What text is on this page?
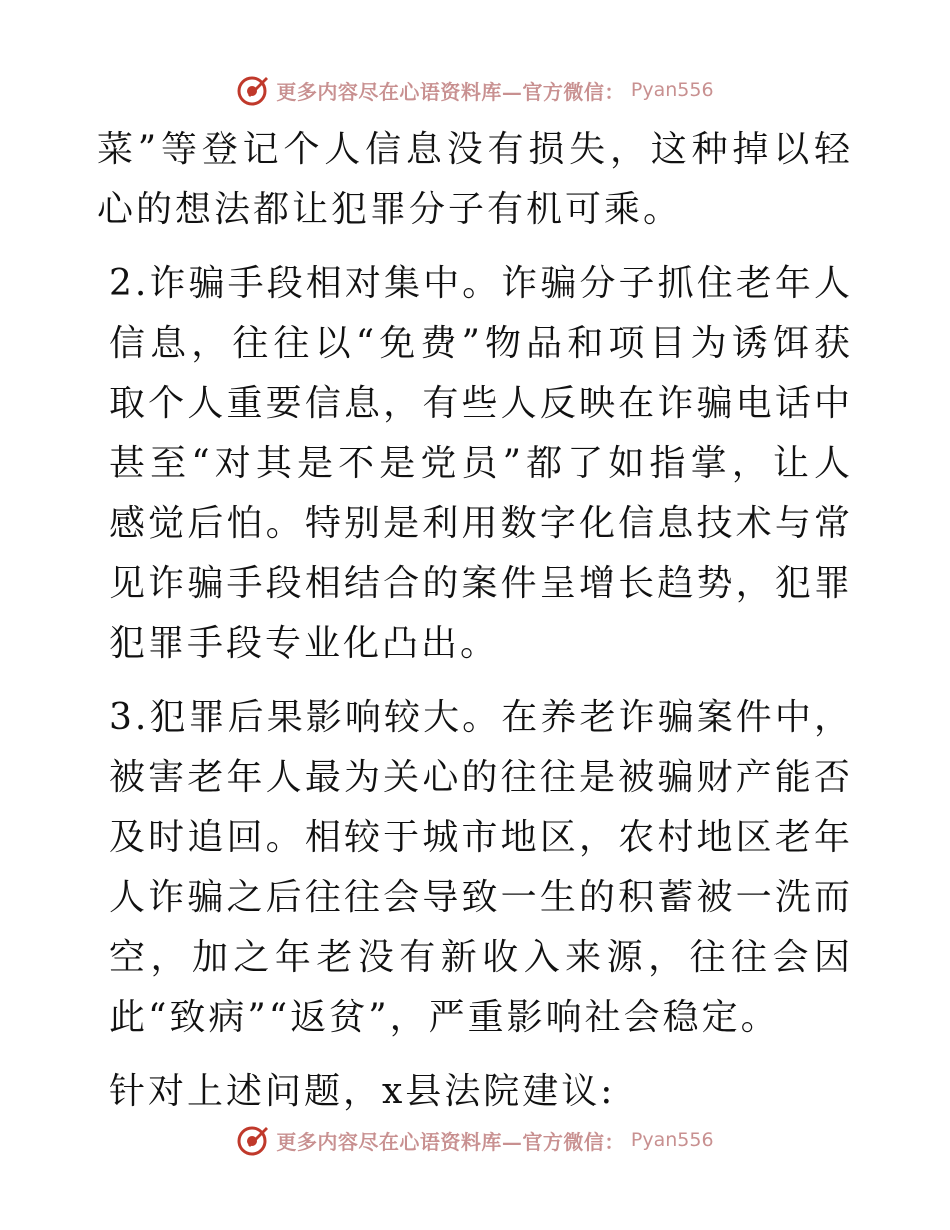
更多内容尽在心语资料库—官方微信： Pyan556

菜”等登记个人信息没有损失，这种掉以轻心的想法都让犯罪分子有机可乘。

2.诈骗手段相对集中。诈骗分子抓住老年人信息，往往以“免费”物品和项目为诱饵获取个人重要信息，有些人反映在诈骗电话中甚至“对其是不是党员”都了如指掌，让人感觉后怕。特别是利用数字化信息技术与常见诈骗手段相结合的案件呈增长趋势，犯罪犯罪手段专业化凸出。

3.犯罪后果影响较大。在养老诈骗案件中，被害老年人最为关心的往往是被骗财产能否及时追回。相较于城市地区，农村地区老年人诈骗之后往往会导致一生的积蓄被一洗而空，加之年老没有新收入来源，往往会因此“致病”“返贫”，严重影响社会稳定。

针对上述问题，x县法院建议:

更多内容尽在心语资料库—官方微信： Pyan556
